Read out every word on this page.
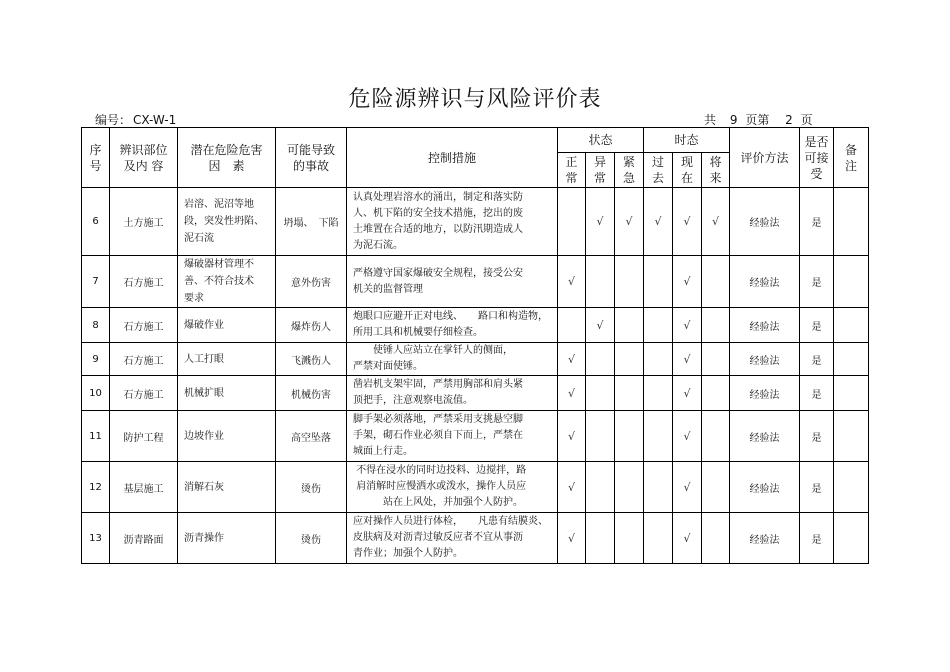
危险源辨识与风险评价表
编号： CX-W-1	共 9 页第 2 页
序
号	辨识部位
及内 容	潜在危险危害
因　素	可能导致
的事故	控制措施	状态			时态			评价方法	是否
可接
受	备
注
					正
常	异
常	紧
急	过
去	现
在	将
来			
6	土方施工	岩溶、泥沼等地
段，突发性坍陷、
泥石流	坍塌、　下陷	认真处理岩溶水的涌出，制定和落实防
人、机下陷的安全技术措施，挖出的废
土堆置在合适的地方，以防汛期造成人
为泥石流。		√	√	√	√	√	经验法	是	
7	石方施工	爆破器材管理不
善、不符合技术
要求	意外伤害	严格遵守国家爆破安全规程，接受公安
机关的监督管理	√				√		经验法	是	
8	石方施工	爆破作业	爆炸伤人	炮眼口应避开正对电线、　　路口和构造物，
所用工具和机械要仔细检查。		√			√		经验法	是	
9	石方施工	人工打眼	飞溅伤人	　　使锤人应站立在掌钎人的侧面，
严禁对面使锤。	√				√		经验法	是	
10	石方施工	机械扩眼	机械伤害	凿岩机支架牢固，严禁用胸部和肩头紧
顶把手，注意观察电流值。	√				√		经验法	是	
11	防护工程	边坡作业	高空坠落	脚手架必须落地，严禁采用支挑悬空脚
手架，砌石作业必须自下而上，严禁在
城面上行走。	√				√		经验法	是	
12	基层施工	消解石灰	烫伤	不得在浸水的同时边投料、边搅拌，路
肩消解时应慢洒水或泼水，操作人员应
　　　站在上风处，并加强个人防护。	√				√		经验法	是	
13	沥青路面	沥青操作	烫伤	应对操作人员进行体检，　　凡患有结膜炎、
皮肤病及对沥青过敏反应者不宜从事沥
青作业；加强个人防护。	√				√		经验法	是	
